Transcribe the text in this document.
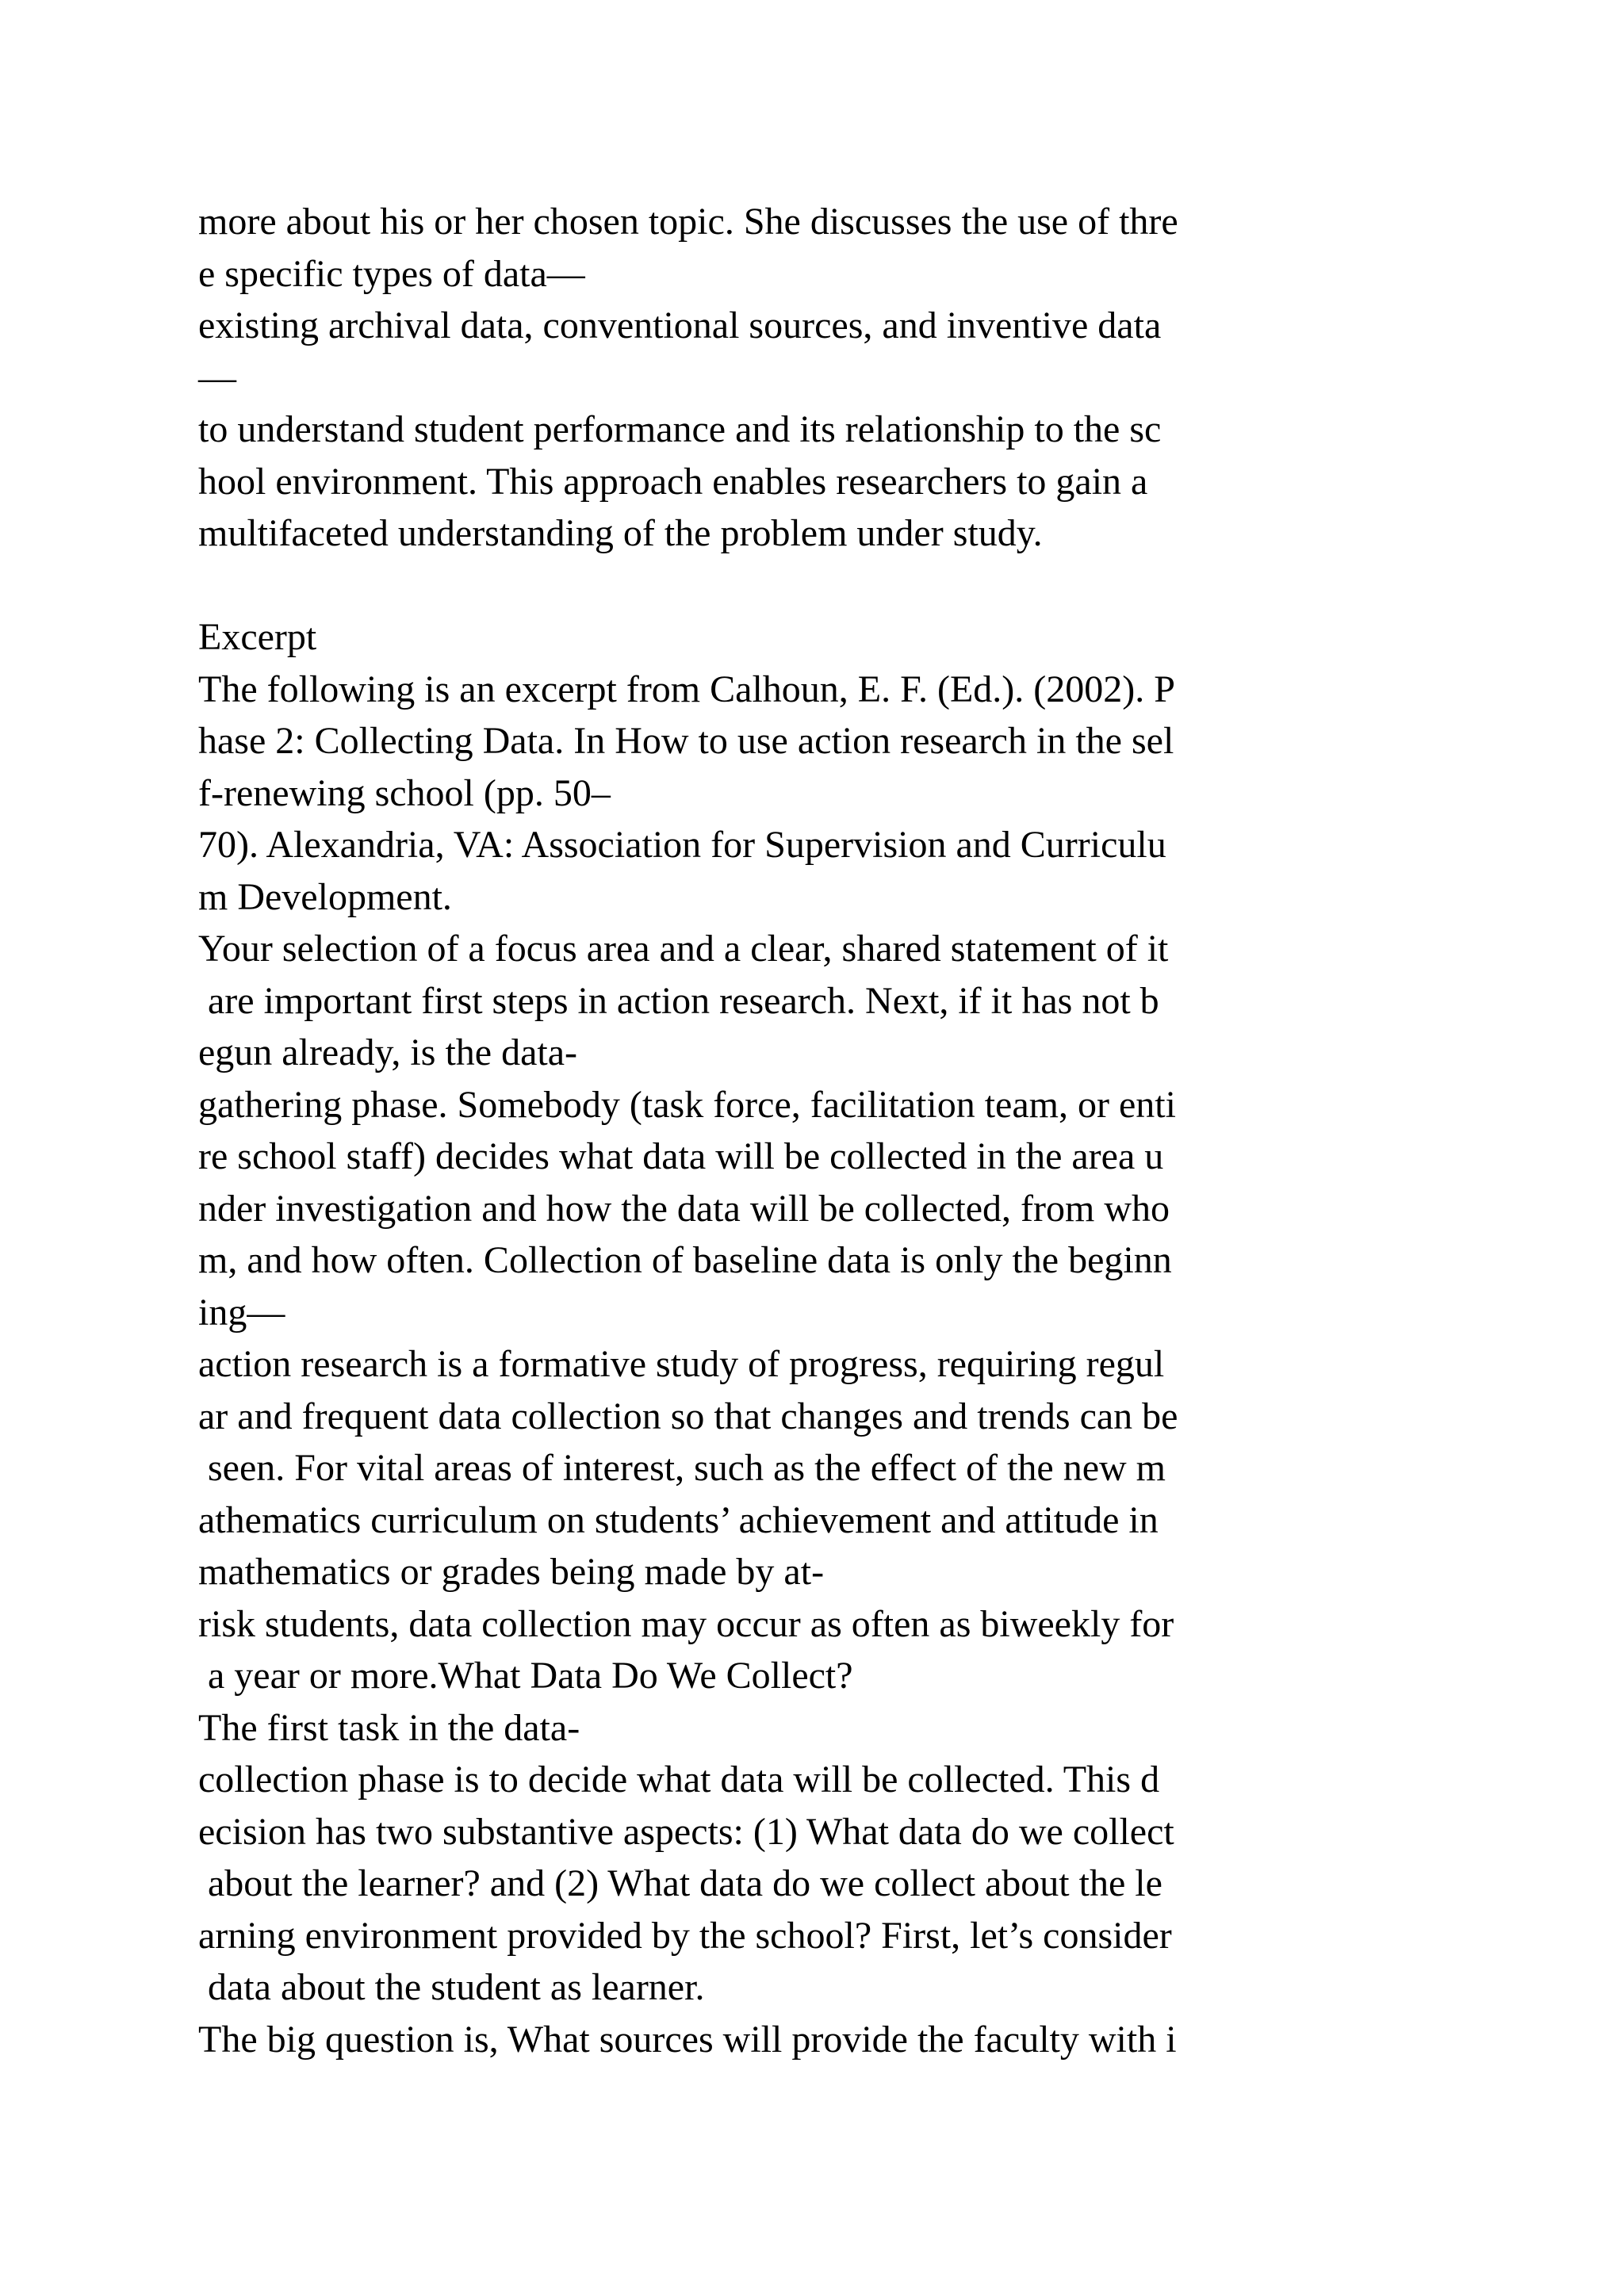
more about his or her chosen topic. She discusses the use of thre
e specific types of data—
existing archival data, conventional sources, and inventive data
—
to understand student performance and its relationship to the sc
hool environment. This approach enables researchers to gain a
multifaceted understanding of the problem under study.
Excerpt
The following is an excerpt from Calhoun, E. F. (Ed.). (2002). P
hase 2: Collecting Data. In How to use action research in the sel
f-renewing school (pp. 50–
70). Alexandria, VA: Association for Supervision and Curriculu
m Development.
Your selection of a focus area and a clear, shared statement of it
are important first steps in action research. Next, if it has not b
egun already, is the data-
gathering phase. Somebody (task force, facilitation team, or enti
re school staff) decides what data will be collected in the area u
nder investigation and how the data will be collected, from who
m, and how often. Collection of baseline data is only the beginn
ing—
action research is a formative study of progress, requiring regul
ar and frequent data collection so that changes and trends can be
seen. For vital areas of interest, such as the effect of the new m
athematics curriculum on students’ achievement and attitude in
mathematics or grades being made by at-
risk students, data collection may occur as often as biweekly for
a year or more.What Data Do We Collect?
The first task in the data-
collection phase is to decide what data will be collected. This d
ecision has two substantive aspects: (1) What data do we collect
about the learner? and (2) What data do we collect about the le
arning environment provided by the school? First, let’s consider
data about the student as learner.
The big question is, What sources will provide the faculty with i
